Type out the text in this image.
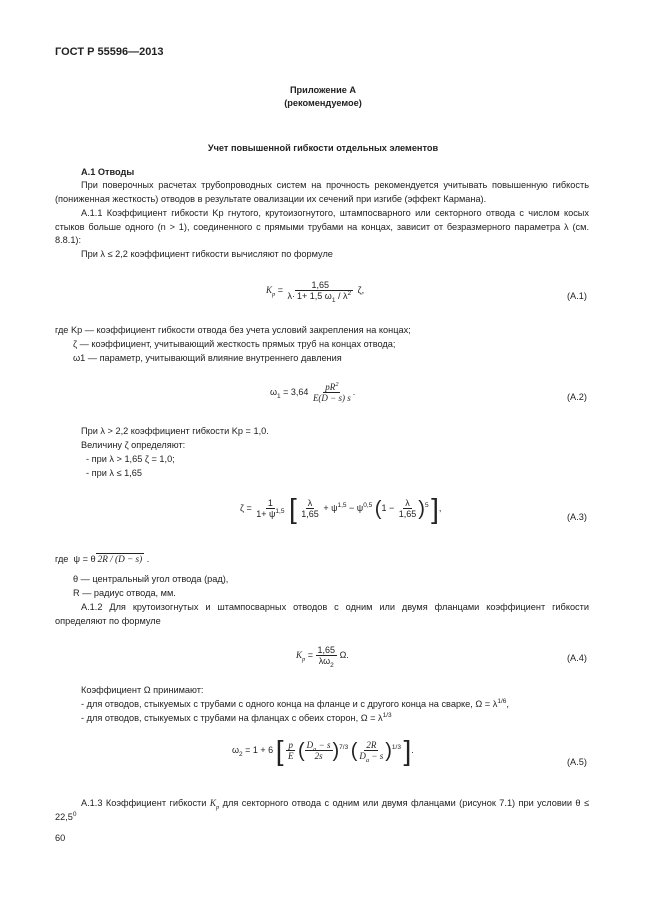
ГОСТ Р 55596—2013
Приложение А
(рекомендуемое)
Учет повышенной гибкости отдельных элементов
А.1 Отводы
При поверочных расчетах трубопроводных систем на прочность рекомендуется учитывать повышенную гибкость (пониженная жесткость) отводов в результате овализации их сечений при изгибе (эффект Кармана).
А.1.1 Коэффициент гибкости Kp гнутого, крутоизогнутого, штампосварного или секторного отвода с числом косых стыков больше одного (n > 1), соединенного с прямыми трубами на концах, зависит от безразмерного параметра λ (см. 8.8.1):
При λ ≤ 2,2 коэффициент гибкости вычисляют по формуле
$K_p = \frac{1,65}{\lambda\cdot 1+ 1,5 \omega_1 / \lambda^2} \zeta$,
(А.1)
где Kp — коэффициент гибкости отвода без учета условий закрепления на концах;
ζ — коэффициент, учитывающий жесткость прямых труб на концах отвода;
ω1 — параметр, учитывающий влияние внутреннего давления
$\omega_1 = 3,64 \frac{pR^2}{E(D - s) s}$ .	(А.2)
При λ > 2,2 коэффициент гибкости Kp = 1,0.
Величину ζ определяют:
- при λ > 1,65 ζ = 1,0;
- при λ ≤ 1,65
$\zeta = \frac{1}{1+ \psi^{1,5}}$ [ $\frac{\lambda}{1,65} + \psi^{1,5} - \psi^{0,5}$ $(1 - \frac{\lambda}{1,65} )^5$ ],
(А.3)
где  ψ = θ 2R / (D − s) .
θ — центральный угол отвода (рад),
R — радиус отвода, мм.
А.1.2 Для крутоизогнутых и штампосварных отводов с одним или двумя фланцами коэффициент гибкости определяют по формуле
$K_p = \frac{1,65}{\lambda\omega_2} \Omega$.	(А.4)
Коэффициент Ω принимают:
- для отводов, стыкуемых с трубами с одного конца на фланце и с другого конца на сварке, $\Omega = \lambda^{1/6}$,
- для отводов, стыкуемых с трубами на фланцах с обеих сторон, $\Omega = \lambda^{1/3}$
$\omega_2 = 1 + 6$ [ $\frac{p}{E}$ ( $\frac{D_a - s}{2s} )^{7/3}$ ( $\frac{2R}{D_a - s} )^{1/3}$ ].
(А.5)
А.1.3 Коэффициент гибкости $K_p$ для секторного отвода с одним или двумя фланцами (рисунок 7.1) при условии $\theta \le 22,5^0$
60
